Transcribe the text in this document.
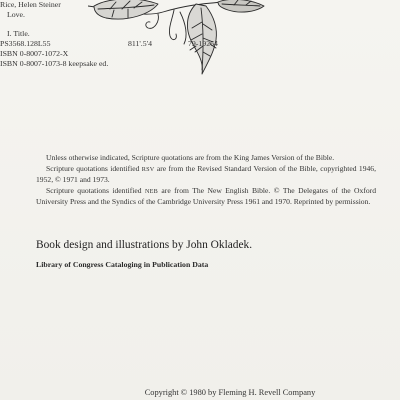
Unless otherwise indicated, Scripture quotations are from the King James Version of the Bible.

Scripture quotations identified RSV are from the Revised Standard Version of the Bible, copyrighted 1946, 1952, © 1971 and 1973.

Scripture quotations identified NEB are from The New English Bible. © The Delegates of the Oxford University Press and the Syndics of the Cambridge University Press 1961 and 1970. Reprinted by permission.

Book design and illustrations by John Okladek.
Library of Congress Cataloging in Publication Data
Rice, Helen Steiner
Love.
I. Title.
PS3568.128L55	811'.5'4	79-19264
ISBN 0-8007-1072-X
ISBN 0-8007-1073-8 keepsake ed.
Copyright © 1980 by Fleming H. Revell Company
